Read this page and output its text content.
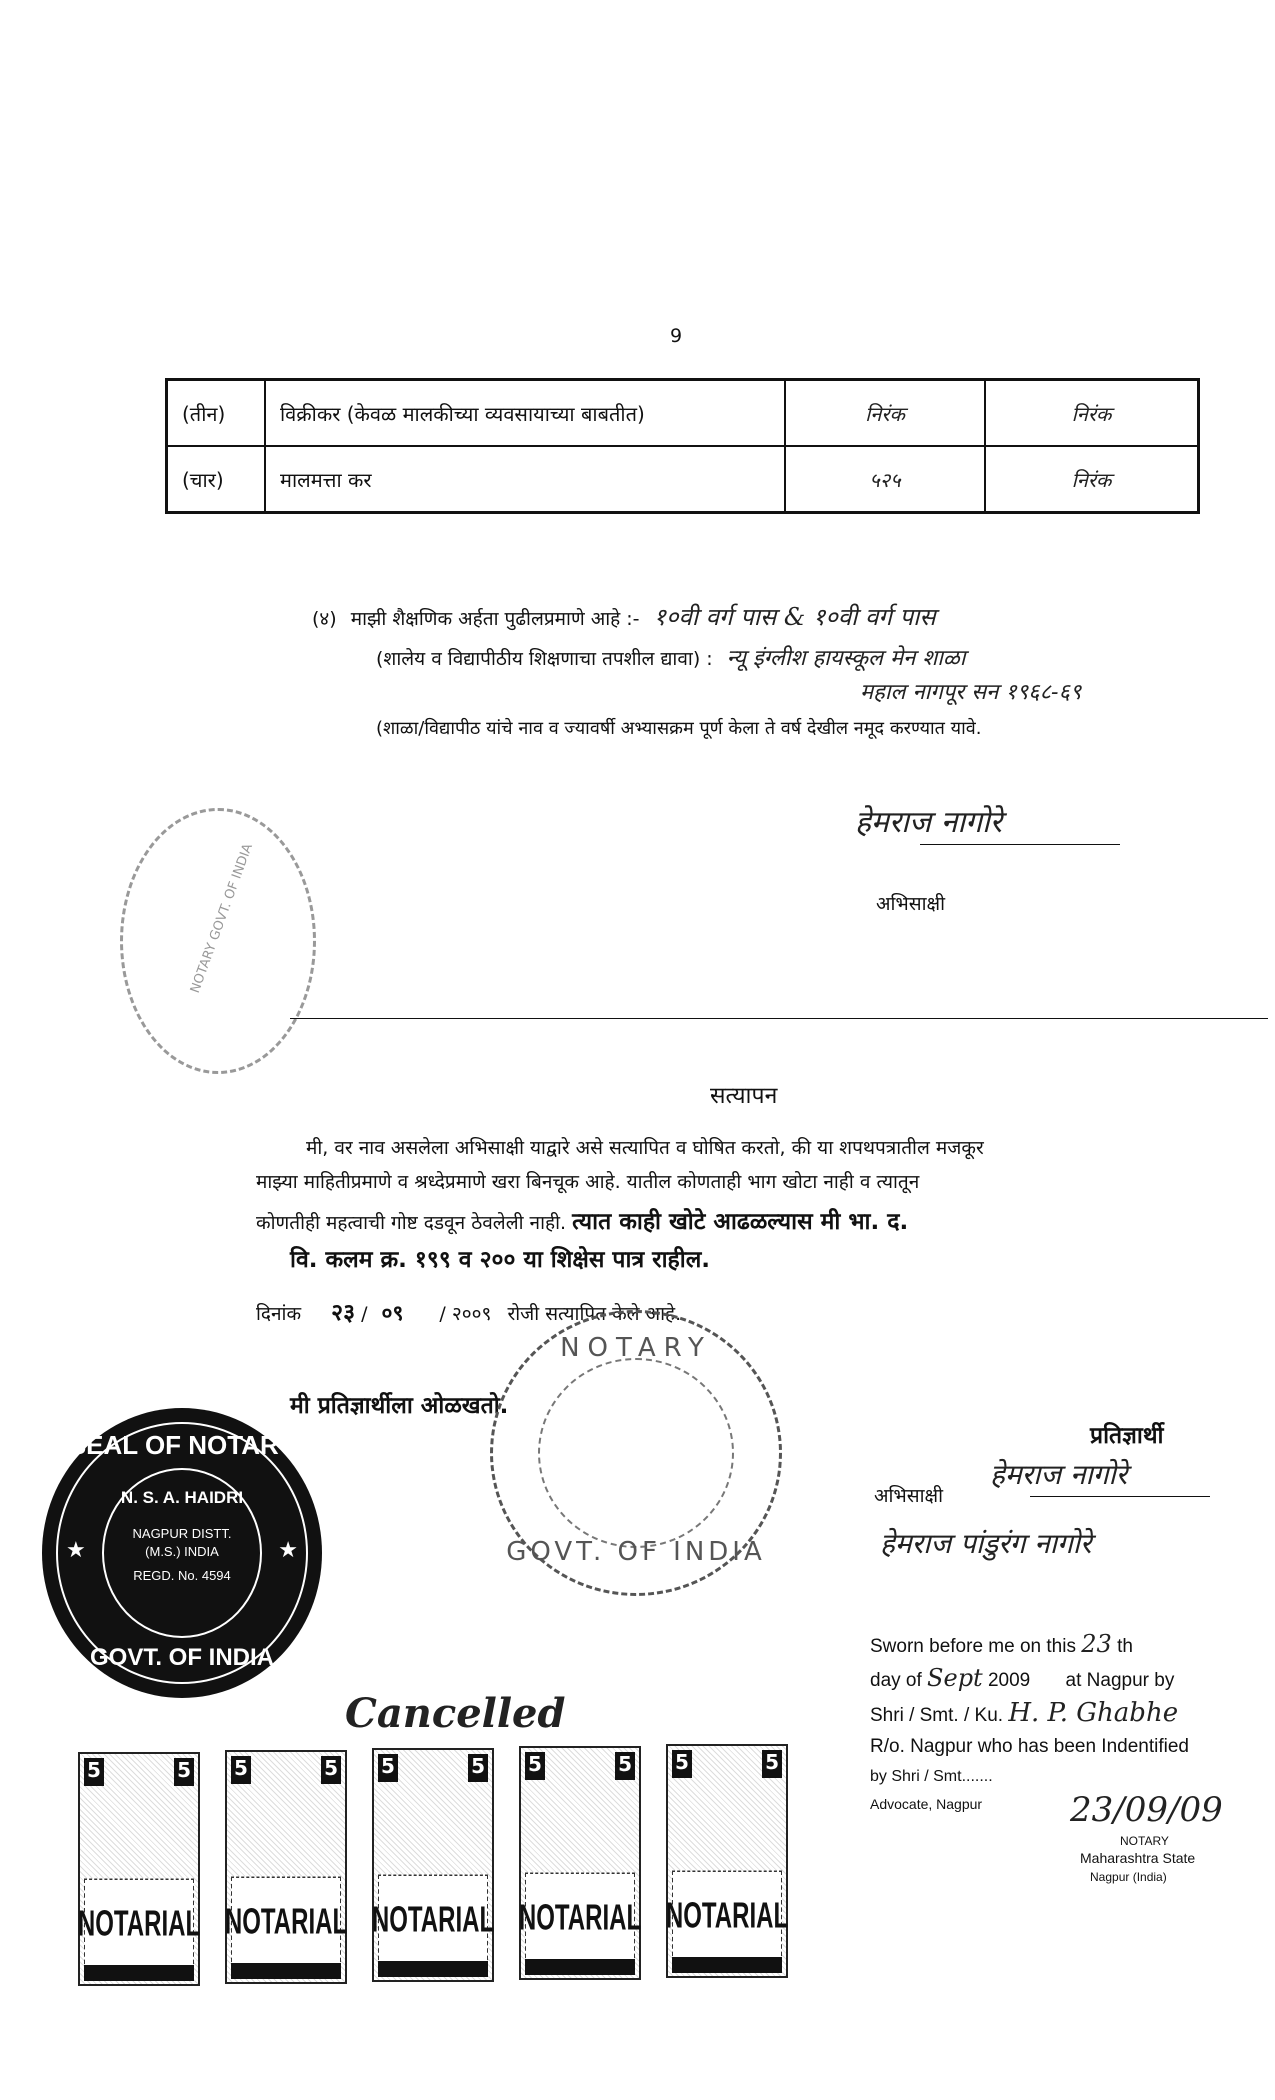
9
(तीन)	विक्रीकर (केवळ मालकीच्या व्यवसायाच्या बाबतीत)	निरंक	निरंक
(चार)	मालमत्ता कर	५२५	निरंक
(४) माझी शैक्षणिक अर्हता पुढीलप्रमाणे आहे :- १०वी वर्ग पास & १०वी वर्ग पास
(शालेय व विद्यापीठीय शिक्षणाचा तपशील द्यावा) : न्यू इंग्लीश हायस्कूल मेन शाळा
महाल नागपूर सन १९६८-६९
(शाळा/विद्यापीठ यांचे नाव व ज्यावर्षी अभ्यासक्रम पूर्ण केला ते वर्ष देखील नमूद करण्यात यावे.
हेमराज नागोरे
अभिसाक्षी
NOTARY GOVT. OF INDIA
सत्यापन
मी, वर नाव असलेला अभिसाक्षी याद्वारे असे सत्यापित व घोषित करतो, की या शपथपत्रातील मजकूर
माझ्या माहितीप्रमाणे व श्रध्देप्रमाणे खरा बिनचूक आहे. यातील कोणताही भाग खोटा नाही व त्यातून
कोणतीही महत्वाची गोष्ट दडवून ठेवलेली नाही. त्यात काही खोटे आढळल्यास मी भा. द.
वि. कलम क्र. १९९ व २०० या शिक्षेस पात्र राहील.
दिनांक २३ / ०९ / २००९ रोजी सत्यापित केले आहे.
मी प्रतिज्ञार्थीला ओळखतो.
SEAL OF NOTARY
N. S. A. HAIDRI
NAGPUR DISTT.
(M.S.) INDIA
REGD. No. 4594
GOVT. OF INDIA
★	★
NOTARY
GOVT. OF INDIA
प्रतिज्ञार्थी
अभिसाक्षी
हेमराज नागोरे
हेमराज पांडुरंग नागोरे
Sworn before me on this 23 th
day of Sept 2009 at Nagpur by
Shri / Smt. / Ku. H. P. Ghabhe
R/o. Nagpur who has been Indentified
by Shri / Smt.......
Advocate, Nagpur	23/09/09
NOTARY
Maharashtra State
Nagpur (India)
5	5
NOTARIAL
5	5
NOTARIAL
5	5
NOTARIAL
5	5
NOTARIAL
5	5
NOTARIAL
Cancelled
